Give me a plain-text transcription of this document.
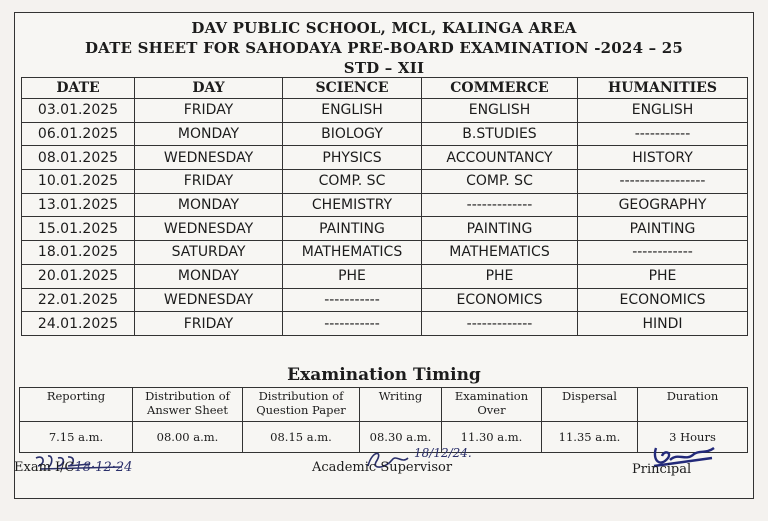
DAV PUBLIC SCHOOL, MCL, KALINGA AREA
DATE SHEET FOR SAHODAYA PRE-BOARD EXAMINATION -2024 – 25
STD – XII
DATE	DAY	SCIENCE	COMMERCE	HUMANITIES
03.01.2025	FRIDAY	ENGLISH	ENGLISH	ENGLISH
06.01.2025	MONDAY	BIOLOGY	B.STUDIES	-----------
08.01.2025	WEDNESDAY	PHYSICS	ACCOUNTANCY	HISTORY
10.01.2025	FRIDAY	COMP. SC	COMP. SC	-----------------
13.01.2025	MONDAY	CHEMISTRY	-------------	GEOGRAPHY
15.01.2025	WEDNESDAY	PAINTING	PAINTING	PAINTING
18.01.2025	SATURDAY	MATHEMATICS	MATHEMATICS	------------
20.01.2025	MONDAY	PHE	PHE	PHE
22.01.2025	WEDNESDAY	-----------	ECONOMICS	ECONOMICS
24.01.2025	FRIDAY	-----------	-------------	HINDI
Examination Timing
Reporting	Distribution of Answer Sheet	Distribution of Question Paper	Writing	Examination Over	Dispersal	Duration
7.15 a.m.	08.00 a.m.	08.15 a.m.	08.30 a.m.	11.30 a.m.	11.35 a.m.	3 Hours
Exam I/C18·12·24
18/12/24.
Academic Supervisor	Principal
